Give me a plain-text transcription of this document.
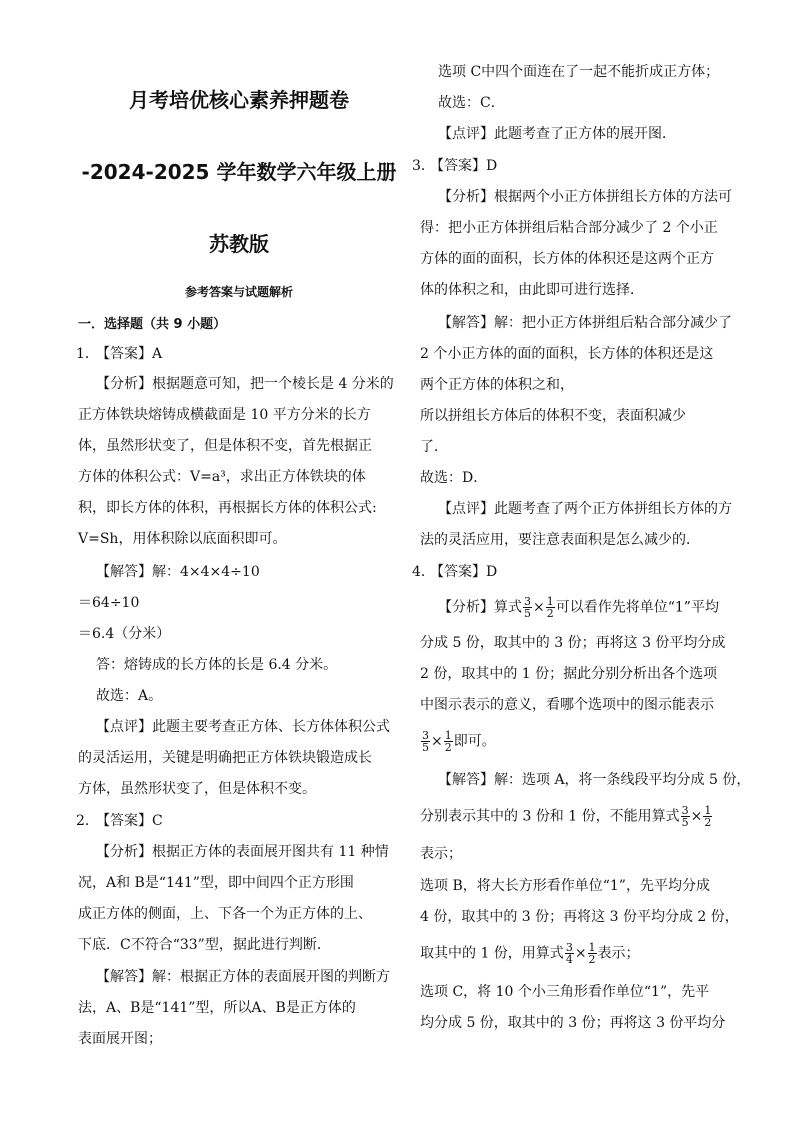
月考培优核心素养押题卷
-2024-2025 学年数学六年级上册
苏教版
参考答案与试题解析
一．选择题（共 9 小题）
1．
【答案】A
【分析】根据题意可知，把一个棱长是 4 分米的
正方体铁块熔铸成横截面是 10 平方分米的长方
体，虽然形状变了，但是体积不变，首先根据正
方体的体积公式：V=a³，求出正方体铁块的体
积，即长方体的体积，再根据长方体的体积公式:
V=Sh，用体积除以底面积即可。
【解答】解：4×4×4÷10
＝64÷10
＝6.4（分米）
答：熔铸成的长方体的长是 6.4 分米。
故选：A。
【点评】此题主要考查正方体、长方体体积公式
的灵活运用，关键是明确把正方体铁块锻造成长
方体，虽然形状变了，但是体积不变。
2．
【答案】C
【分析】根据正方体的表面展开图共有 11 种情
况，A和 B是“141”型，即中间四个正方形围
成正方体的侧面，上、下各一个为正方体的上、
下底．C不符合“33”型，据此进行判断．
【解答】解：根据正方体的表面展开图的判断方
法，A、B是“141”型，所以A、B是正方体的
表面展开图；
选项 C中四个面连在了一起不能折成正方体；
故选：C．
【点评】此题考查了正方体的展开图．
3．
【答案】D
【分析】根据两个小正方体拼组长方体的方法可
得：把小正方体拼组后粘合部分减少了 2 个小正
方体的面的面积，长方体的体积还是这两个正方
体的体积之和，由此即可进行选择．
【解答】解：把小正方体拼组后粘合部分减少了
2 个小正方体的面的面积，长方体的体积还是这
两个正方体的体积之和，
所以拼组长方体后的体积不变，表面积减少
了．
故选：D．
【点评】此题考查了两个正方体拼组长方体的方
法的灵活应用，要注意表面积是怎么减少的．
4．
【答案】D
【分析】算式 $\frac{3}{5} \times \frac{1}{2}$ 可以看作先将单位“1”平均
分成 5 份，取其中的 3 份；再将这 3 份平均分成
2 份，取其中的 1 份；据此分别分析出各个选项
中图示表示的意义，看哪个选项中的图示能表示
$\frac{3}{5} \times \frac{1}{2}$ 即可。
【解答】解：选项 A，将一条线段平均分成 5 份，
分别表示其中的 3 份和 1 份，不能用算式 $\frac{3}{5} \times \frac{1}{2}$
表示；
选项 B，将大长方形看作单位“1”，先平均分成
4 份，取其中的 3 份；再将这 3 份平均分成 2 份，
取其中的 1 份，用算式 $\frac{3}{4} \times \frac{1}{2}$ 表示；
选项 C，将 10 个小三角形看作单位“1”，先平
均分成 5 份，取其中的 3 份；再将这 3 份平均分
